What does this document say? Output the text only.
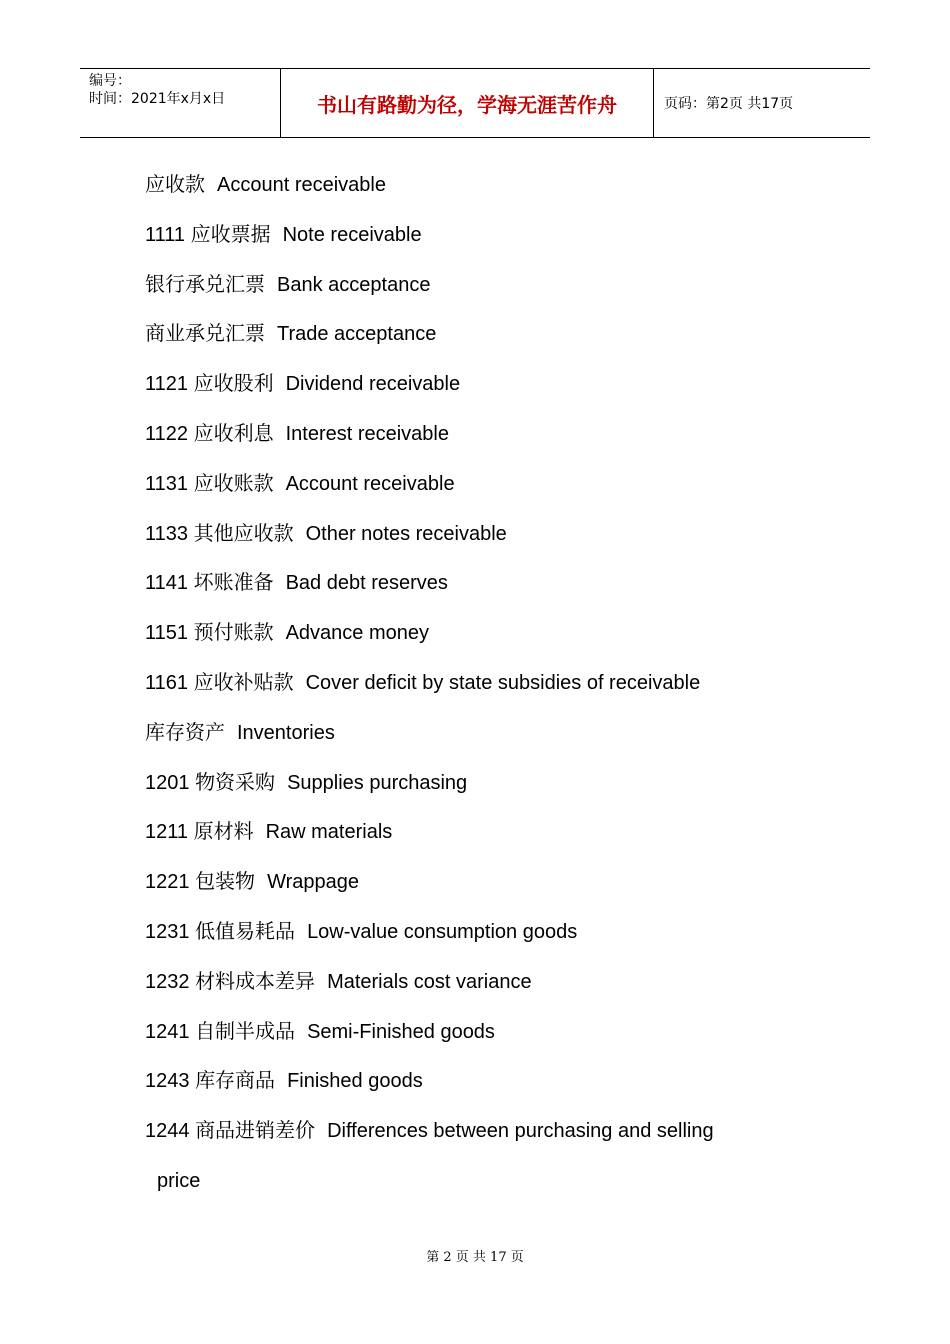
编号：
时间：2021年x月x日	书山有路勤为径，学海无涯苦作舟	页码：第2页 共17页
应收款 Account receivable
1111 应收票据 Note receivable
银行承兑汇票 Bank acceptance
商业承兑汇票 Trade acceptance
1121 应收股利 Dividend receivable
1122 应收利息 Interest receivable
1131 应收账款 Account receivable
1133 其他应收款 Other notes receivable
1141 坏账准备 Bad debt reserves
1151 预付账款 Advance money
1161 应收补贴款 Cover deficit by state subsidies of receivable
库存资产 Inventories
1201 物资采购 Supplies purchasing
1211 原材料 Raw materials
1221 包装物 Wrappage
1231 低值易耗品 Low-value consumption goods
1232 材料成本差异 Materials cost variance
1241 自制半成品 Semi-Finished goods
1243 库存商品 Finished goods
1244 商品进销差价 Differences between purchasing and selling
price
第 2 页 共 17 页
